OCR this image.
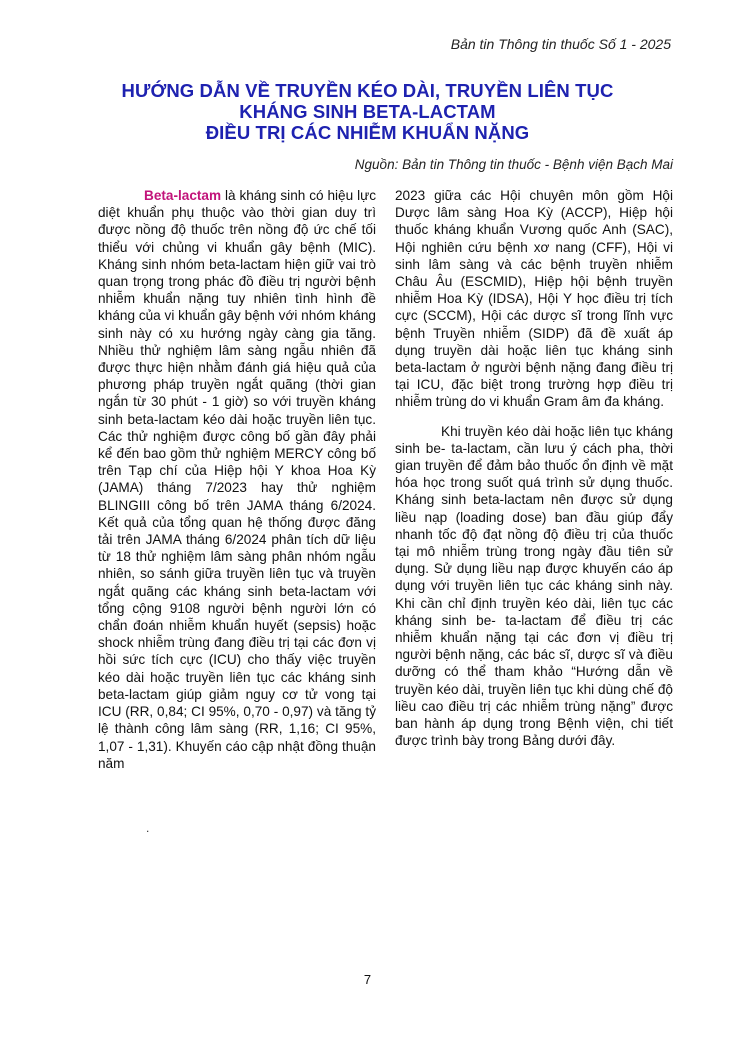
Bản tin Thông tin thuốc Số 1 - 2025
HƯỚNG DẪN VỀ TRUYỀN KÉO DÀI, TRUYỀN LIÊN TỤC
KHÁNG SINH BETA-LACTAM
ĐIỀU TRỊ CÁC NHIỄM KHUẨN NẶNG
Nguồn: Bản tin Thông tin thuốc - Bệnh viện Bạch Mai

Beta-lactam là kháng sinh có hiệu lực diệt khuẩn phụ thuộc vào thời gian duy trì được nồng độ thuốc trên nồng độ ức chế tối thiểu với chủng vi khuẩn gây bệnh (MIC). Kháng sinh nhóm beta-lactam hiện giữ vai trò quan trọng trong phác đồ điều trị người bệnh nhiễm khuẩn nặng tuy nhiên tình hình đề kháng của vi khuẩn gây bệnh với nhóm kháng sinh này có xu hướng ngày càng gia tăng. Nhiều thử nghiệm lâm sàng ngẫu nhiên đã được thực hiện nhằm đánh giá hiệu quả của phương pháp truyền ngắt quãng (thời gian ngắn từ 30 phút - 1 giờ) so với truyền kháng sinh beta-lactam kéo dài hoặc truyền liên tục. Các thử nghiệm được công bố gần đây phải kể đến bao gồm thử nghiệm MERCY công bố trên Tạp chí của Hiệp hội Y khoa Hoa Kỳ (JAMA) tháng 7/2023 hay thử nghiệm BLINGIII công bố trên JAMA tháng 6/2024. Kết quả của tổng quan hệ thống được đăng tải trên JAMA tháng 6/2024 phân tích dữ liệu từ 18 thử nghiệm lâm sàng phân nhóm ngẫu nhiên, so sánh giữa truyền liên tục và truyền ngắt quãng các kháng sinh beta-lactam với tổng cộng 9108 người bệnh người lớn có chẩn đoán nhiễm khuẩn huyết (sepsis) hoặc shock nhiễm trùng đang điều trị tại các đơn vị hồi sức tích cực (ICU) cho thấy việc truyền kéo dài hoặc truyền liên tục các kháng sinh beta-lactam giúp giảm nguy cơ tử vong tại ICU (RR, 0,84; CI 95%, 0,70 - 0,97) và tăng tỷ lệ thành công lâm sàng (RR, 1,16; CI 95%, 1,07 - 1,31). Khuyến cáo cập nhật đồng thuận năm

.

2023 giữa các Hội chuyên môn gồm Hội Dược lâm sàng Hoa Kỳ (ACCP), Hiệp hội thuốc kháng khuẩn Vương quốc Anh (SAC), Hội nghiên cứu bệnh xơ nang (CFF), Hội vi sinh lâm sàng và các bệnh truyền nhiễm Châu Âu (ESCMID), Hiệp hội bệnh truyền nhiễm Hoa Kỳ (IDSA), Hội Y học điều trị tích cực (SCCM), Hội các dược sĩ trong lĩnh vực bệnh Truyền nhiễm (SIDP) đã đề xuất áp dụng truyền dài hoặc liên tục kháng sinh beta-lactam ở người bệnh nặng đang điều trị tại ICU, đặc biệt trong trường hợp điều trị nhiễm trùng do vi khuẩn Gram âm đa kháng.

Khi truyền kéo dài hoặc liên tục kháng sinh be- ta-lactam, cần lưu ý cách pha, thời gian truyền để đảm bảo thuốc ổn định về mặt hóa học trong suốt quá trình sử dụng thuốc. Kháng sinh beta-lactam nên được sử dụng liều nạp (loading dose) ban đầu giúp đẩy nhanh tốc độ đạt nồng độ điều trị của thuốc tại mô nhiễm trùng trong ngày đầu tiên sử dụng. Sử dụng liều nạp được khuyến cáo áp dụng với truyền liên tục các kháng sinh này. Khi cần chỉ định truyền kéo dài, liên tục các kháng sinh be- ta-lactam để điều trị các nhiễm khuẩn nặng tại các đơn vị điều trị người bệnh nặng, các bác sĩ, dược sĩ và điều dưỡng có thể tham khảo “Hướng dẫn về truyền kéo dài, truyền liên tục khi dùng chế độ liều cao điều trị các nhiễm trùng nặng” được ban hành áp dụng trong Bệnh viện, chi tiết được trình bày trong Bảng dưới đây.

7
